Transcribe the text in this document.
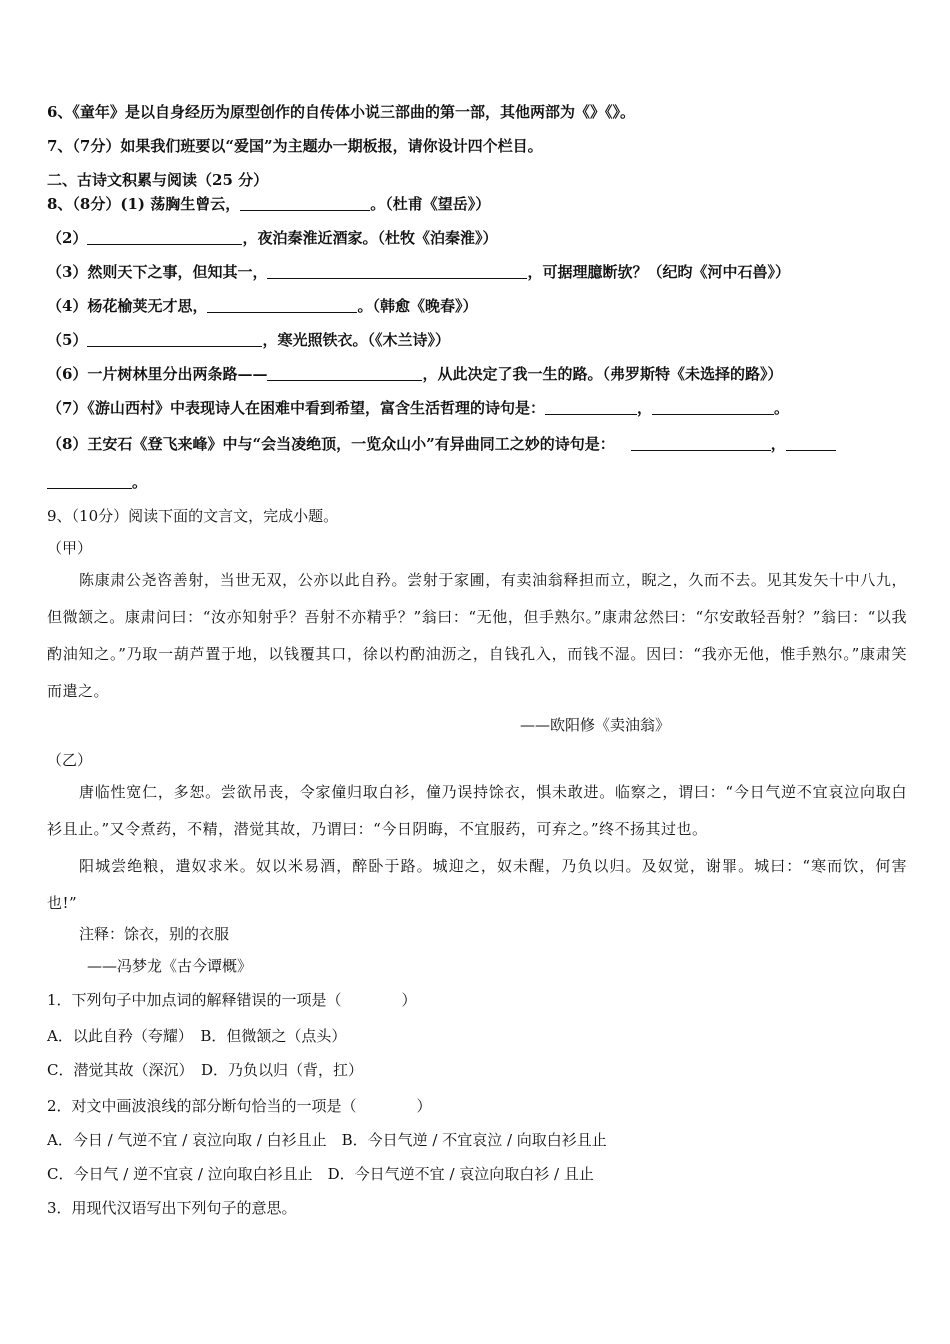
6、《童年》是以自身经历为原型创作的自传体小说三部曲的第一部，其他两部为《》《》。
7、（7分）如果我们班要以“爱国”为主题办一期板报，请你设计四个栏目。
二、古诗文积累与阅读（25 分）
8、（8分）(1) 荡胸生曾云，	。（杜甫《望岳》）
（2）	，夜泊秦淮近酒家。（杜牧《泊秦淮》）
（3）然则天下之事，但知其一，	，可据理臆断欤？（纪昀《河中石兽》）
（4）杨花榆荚无才思，	。（韩愈《晚春》）
（5）	，寒光照铁衣。（《木兰诗》）
（6）一片树林里分出两条路——	，从此决定了我一生的路。（弗罗斯特《未选择的路》）
（7）《游山西村》中表现诗人在困难中看到希望，富含生活哲理的诗句是：	，	。
（8）王安石《登飞来峰》中与“会当凌绝顶，一览众山小”有异曲同工之妙的诗句是：	，
。
9、（10分）阅读下面的文言文，完成小题。
（甲）
陈康肃公尧咨善射，当世无双，公亦以此自矜。尝射于家圃，有卖油翁释担而立，睨之，久而不去。见其发矢十中八九，但微颔之。康肃问曰：“汝亦知射乎？吾射不亦精乎？”翁曰：“无他，但手熟尔。”康肃忿然曰：“尔安敢轻吾射？”翁曰：“以我酌油知之。”乃取一葫芦置于地，以钱覆其口，徐以杓酌油沥之，自钱孔入，而钱不湿。因曰：“我亦无他，惟手熟尔。”康肃笑而遣之。
——欧阳修《卖油翁》
（乙）
唐临性宽仁，多恕。尝欲吊丧，令家僮归取白衫，僮乃误持馀衣，惧未敢进。临察之，谓曰：“今日气逆不宜哀泣向取白衫且止。”又令煮药，不精，潜觉其故，乃谓曰：“今日阴晦，不宜服药，可弃之。”终不扬其过也。
阳城尝绝粮，遣奴求米。奴以米易酒，醉卧于路。城迎之，奴未醒，乃负以归。及奴觉，谢罪。城曰：“寒而饮，何害也!”
注释：馀衣，别的衣服
——冯梦龙《古今谭概》
1．下列句子中加点词的解释错误的一项是（　　　　）
A．以此自矜（夸耀）　B．但微颔之（点头）
C．潜觉其故（深沉）　D．乃负以归（背，扛）
2．对文中画波浪线的部分断句恰当的一项是（　　　　）
A．今日 / 气逆不宜 / 哀泣向取 / 白衫且止　B．今日气逆 / 不宜哀泣 / 向取白衫且止
C．今日气 / 逆不宜哀 / 泣向取白衫且止　D．今日气逆不宜 / 哀泣向取白衫 / 且止
3．用现代汉语写出下列句子的意思。
